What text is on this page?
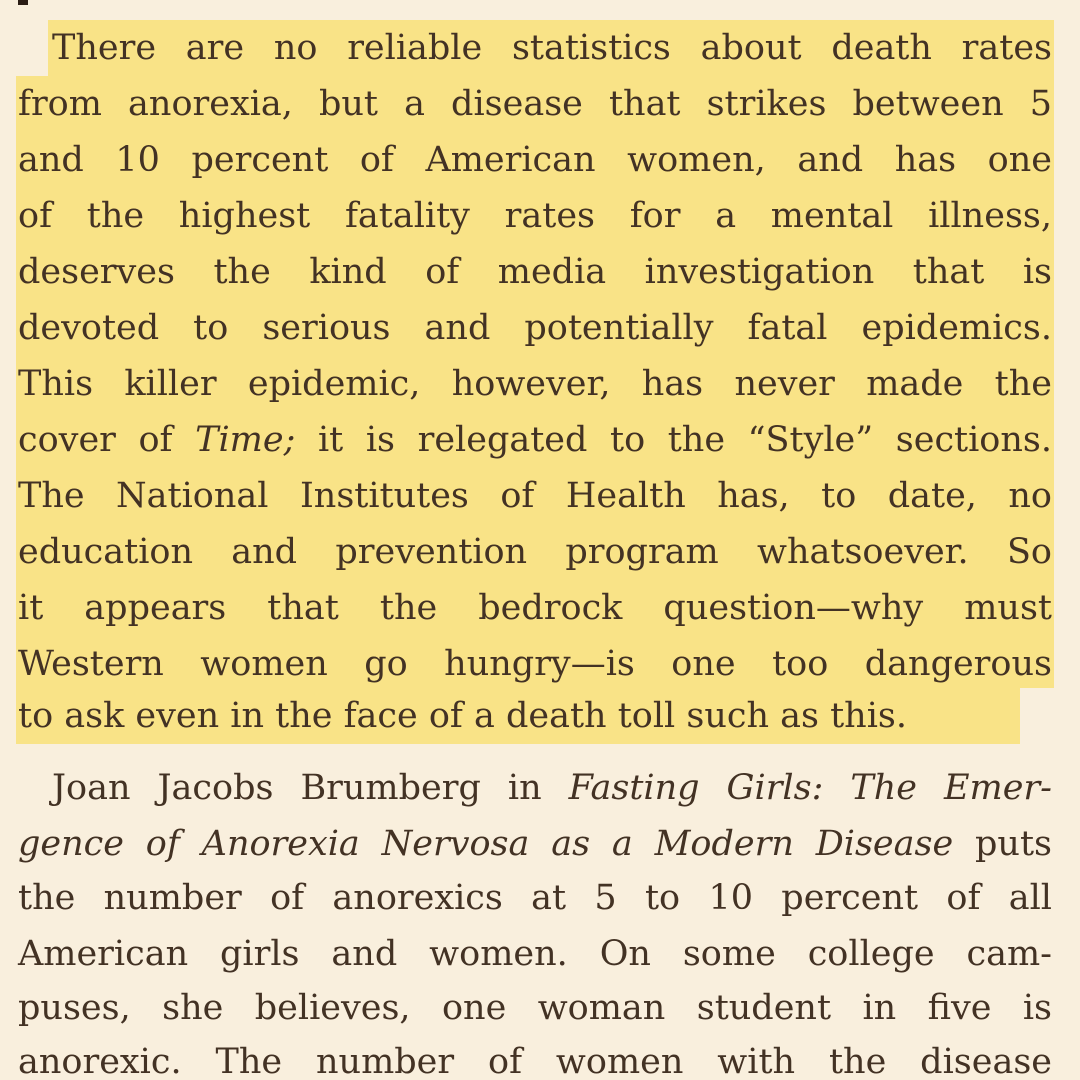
There are no reliable statistics about death rates
from anorexia, but a disease that strikes between 5
and 10 percent of American women, and has one
of the highest fatality rates for a mental illness,
deserves the kind of media investigation that is
devoted to serious and potentially fatal epidemics.
This killer epidemic, however, has never made the
cover of Time; it is relegated to the “Style” sections.
The National Institutes of Health has, to date, no
education and prevention program whatsoever. So
it appears that the bedrock question—why must
Western women go hungry—is one too dangerous
to ask even in the face of a death toll such as this.
Joan Jacobs Brumberg in Fasting Girls: The Emer-
gence of Anorexia Nervosa as a Modern Disease puts
the number of anorexics at 5 to 10 percent of all
American girls and women. On some college cam-
puses, she believes, one woman student in five is
anorexic. The number of women with the disease
